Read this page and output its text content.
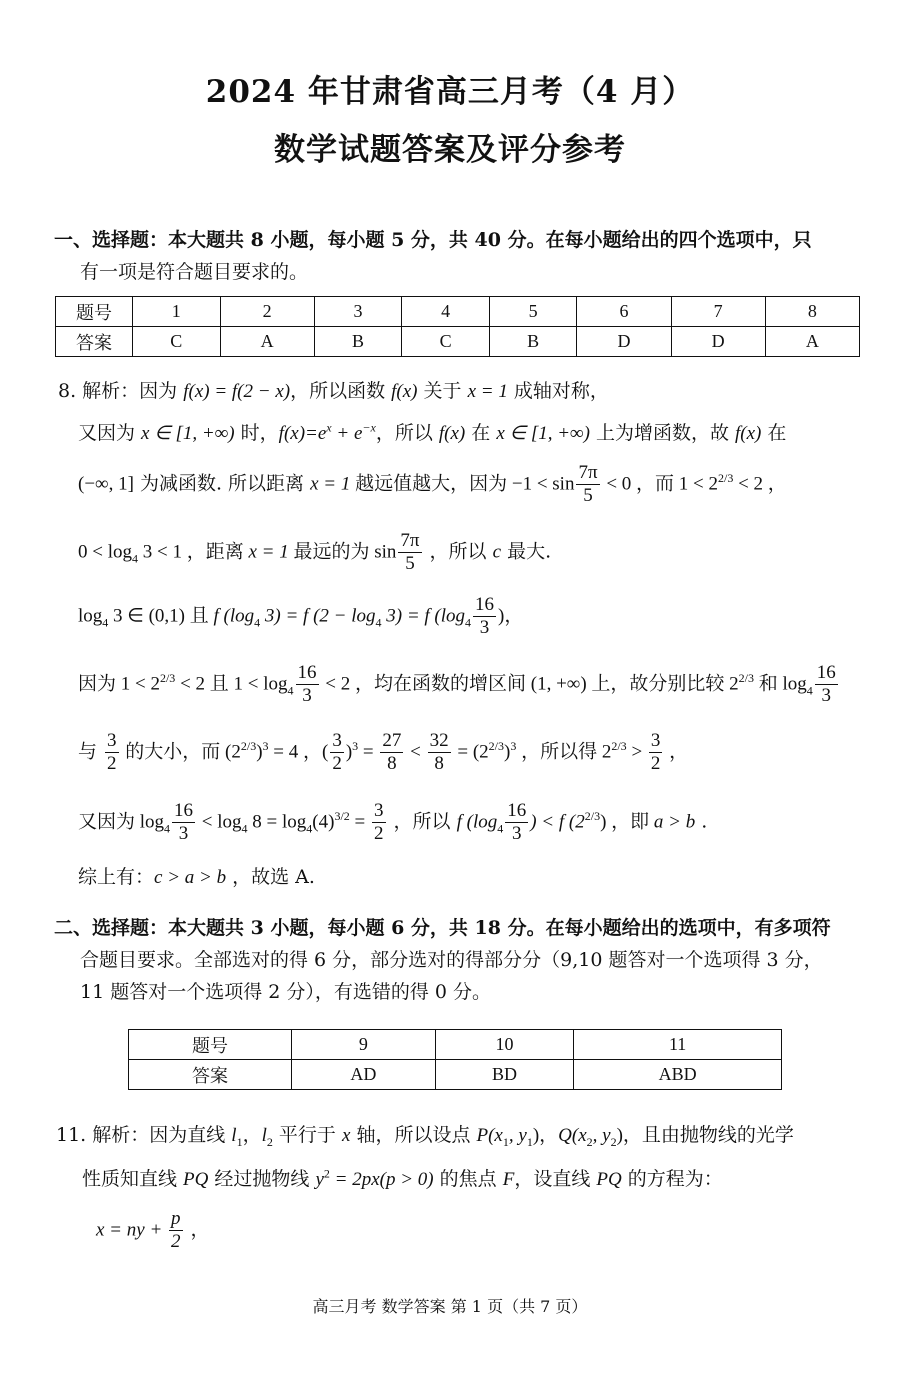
2024 年甘肃省高三月考（4 月）
数学试题答案及评分参考
一、选择题：本大题共 8 小题，每小题 5 分，共 40 分。在每小题给出的四个选项中，只
有一项是符合题目要求的。
题号	1	2	3	4	5	6	7	8
答案	C	A	B	C	B	D	D	A
8. 解析：因为 f(x) = f(2 − x)，所以函数 f(x) 关于 x = 1 成轴对称，
又因为 x ∈ [1, +∞) 时，$f(x)=e^x + e^{-x}$，所以 f(x) 在 x ∈ [1, +∞) 上为增函数，故 f(x) 在
(−∞, 1] 为减函数. 所以距离 x = 1 越远值越大，因为 $-1 < \sin \frac{7\pi}{5} < 0$ ，而 $1 < 2^{2/3} < 2$ ，
$0 < \log_4 3 < 1$ ，距离 x = 1 最远的为 $\sin \frac{7\pi}{5}$ ，所以 c 最大.
$\log_4 3$ ∈ (0,1) 且 f ($\log_4$ 3) = f $(2 - \log_4 3) = f$ ($\log_4 \frac{16}{3}$ )，
因为 $1 < 2^{2/3} < 2$ 且 $1 < \log_4 \frac{16}{3} < 2$ ，均在函数的增区间 (1, +∞) 上，故分别比较 $2^{2/3}$ 和 $\log_4 \frac{16}{3}$
与 $\frac{3}{2}$ 的大小，而 $(2^{2/3})^3 = 4$ ，( $\frac{3}{2} )^3 = \frac{27}{8} < \frac{32}{8} = (2^{2/3})^3$ ，所以得 $2^{2/3} > \frac{3}{2}$ ，
又因为 $\log_4 \frac{16}{3} < \log_4 8 = \log_4(4)^{3/2} = \frac{3}{2}$ ，所以 f ($\log_4 \frac{16}{3}$ ) < f $(2^{2/3})$ ，即 a > b .
综上有：c > a > b ，故选 A.
二、选择题：本大题共 3 小题，每小题 6 分，共 18 分。在每小题给出的选项中，有多项符
合题目要求。全部选对的得 6 分，部分选对的得部分分（9,10 题答对一个选项得 3 分，
11 题答对一个选项得 2 分），有选错的得 0 分。
题号	9	10	11
答案	AD	BD	ABD
11. 解析：因为直线 $l_1$，$l_2$ 平行于 x 轴，所以设点 $P(x_1$, $y_1$)，$Q(x_2$, $y_2$)，且由抛物线的光学
性质知直线 PQ 经过抛物线 $y^2 = 2px(p > 0)$ 的焦点 F，设直线 PQ 的方程为：
x = ny + $\frac{p}{2}$ ，
高三月考 数学答案 第 1 页（共 7 页）
